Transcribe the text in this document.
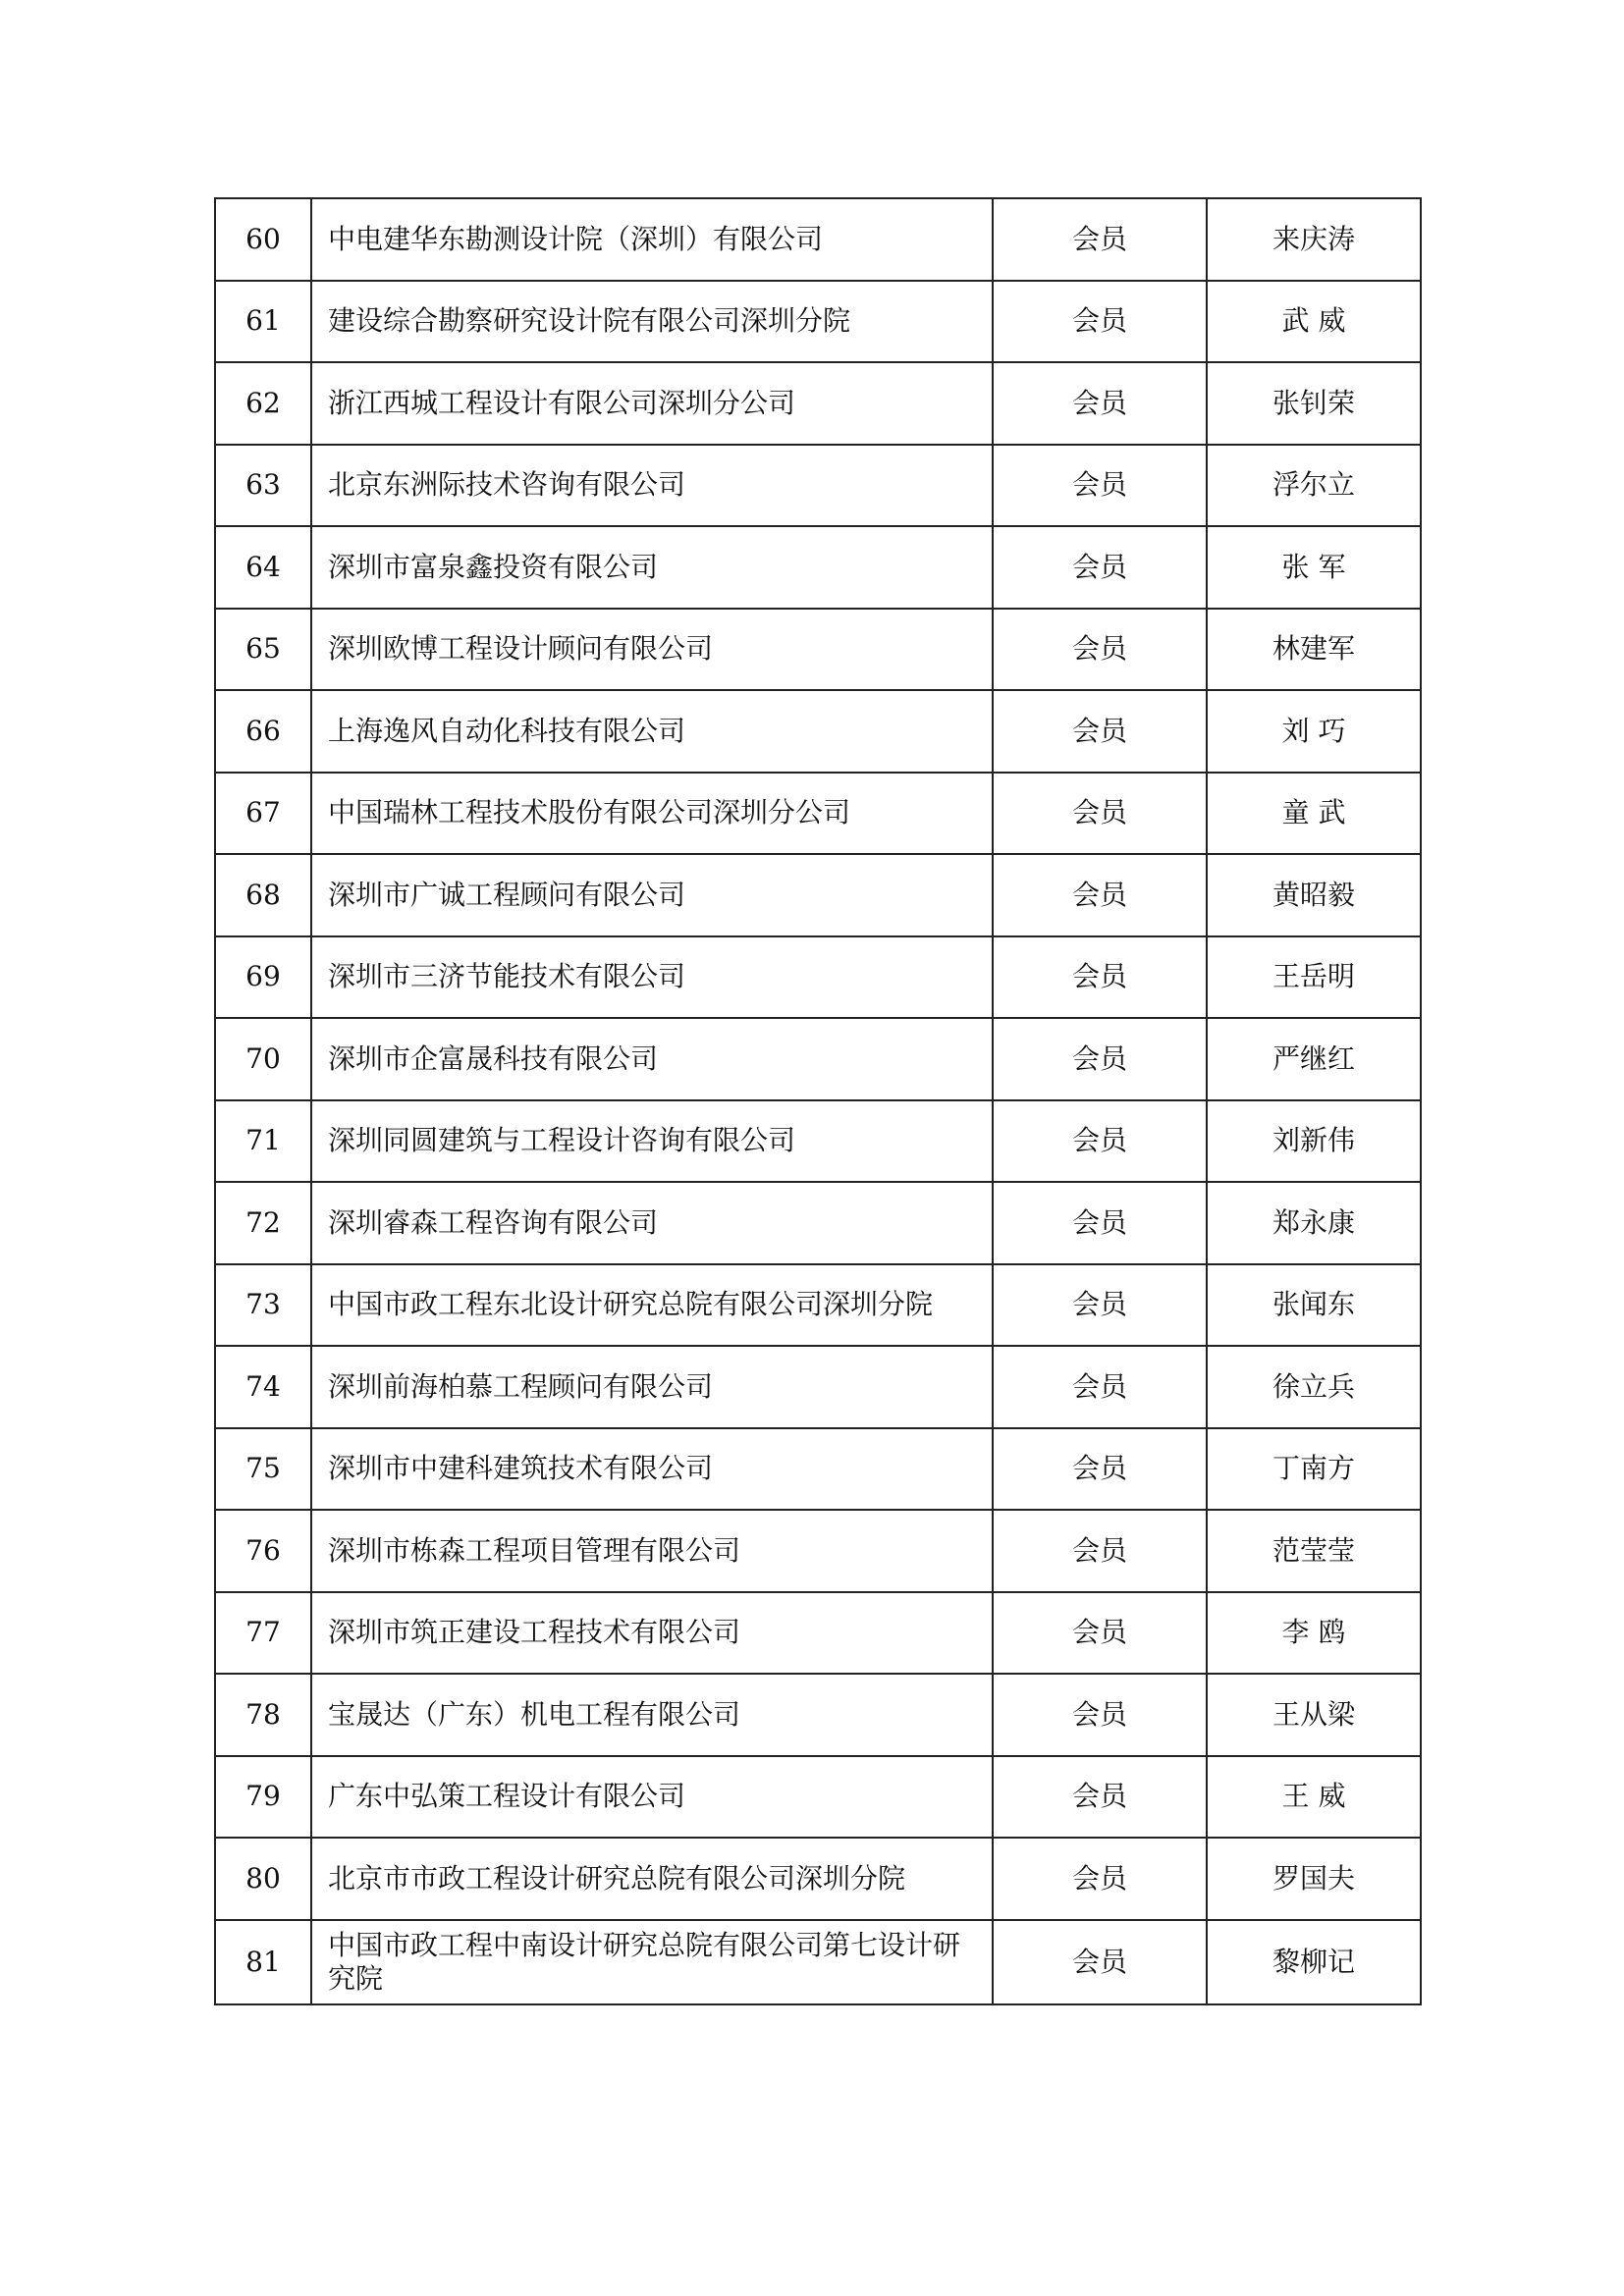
60	中电建华东勘测设计院（深圳）有限公司	会员	来庆涛
61	建设综合勘察研究设计院有限公司深圳分院	会员	武 威
62	浙江西城工程设计有限公司深圳分公司	会员	张钊荣
63	北京东洲际技术咨询有限公司	会员	浮尔立
64	深圳市富泉鑫投资有限公司	会员	张 军
65	深圳欧博工程设计顾问有限公司	会员	林建军
66	上海逸风自动化科技有限公司	会员	刘 巧
67	中国瑞林工程技术股份有限公司深圳分公司	会员	童 武
68	深圳市广诚工程顾问有限公司	会员	黄昭毅
69	深圳市三济节能技术有限公司	会员	王岳明
70	深圳市企富晟科技有限公司	会员	严继红
71	深圳同圆建筑与工程设计咨询有限公司	会员	刘新伟
72	深圳睿森工程咨询有限公司	会员	郑永康
73	中国市政工程东北设计研究总院有限公司深圳分院	会员	张闻东
74	深圳前海柏慕工程顾问有限公司	会员	徐立兵
75	深圳市中建科建筑技术有限公司	会员	丁南方
76	深圳市栋森工程项目管理有限公司	会员	范莹莹
77	深圳市筑正建设工程技术有限公司	会员	李 鸥
78	宝晟达（广东）机电工程有限公司	会员	王从梁
79	广东中弘策工程设计有限公司	会员	王 威
80	北京市市政工程设计研究总院有限公司深圳分院	会员	罗国夫
81	中国市政工程中南设计研究总院有限公司第七设计研究院	会员	黎柳记
